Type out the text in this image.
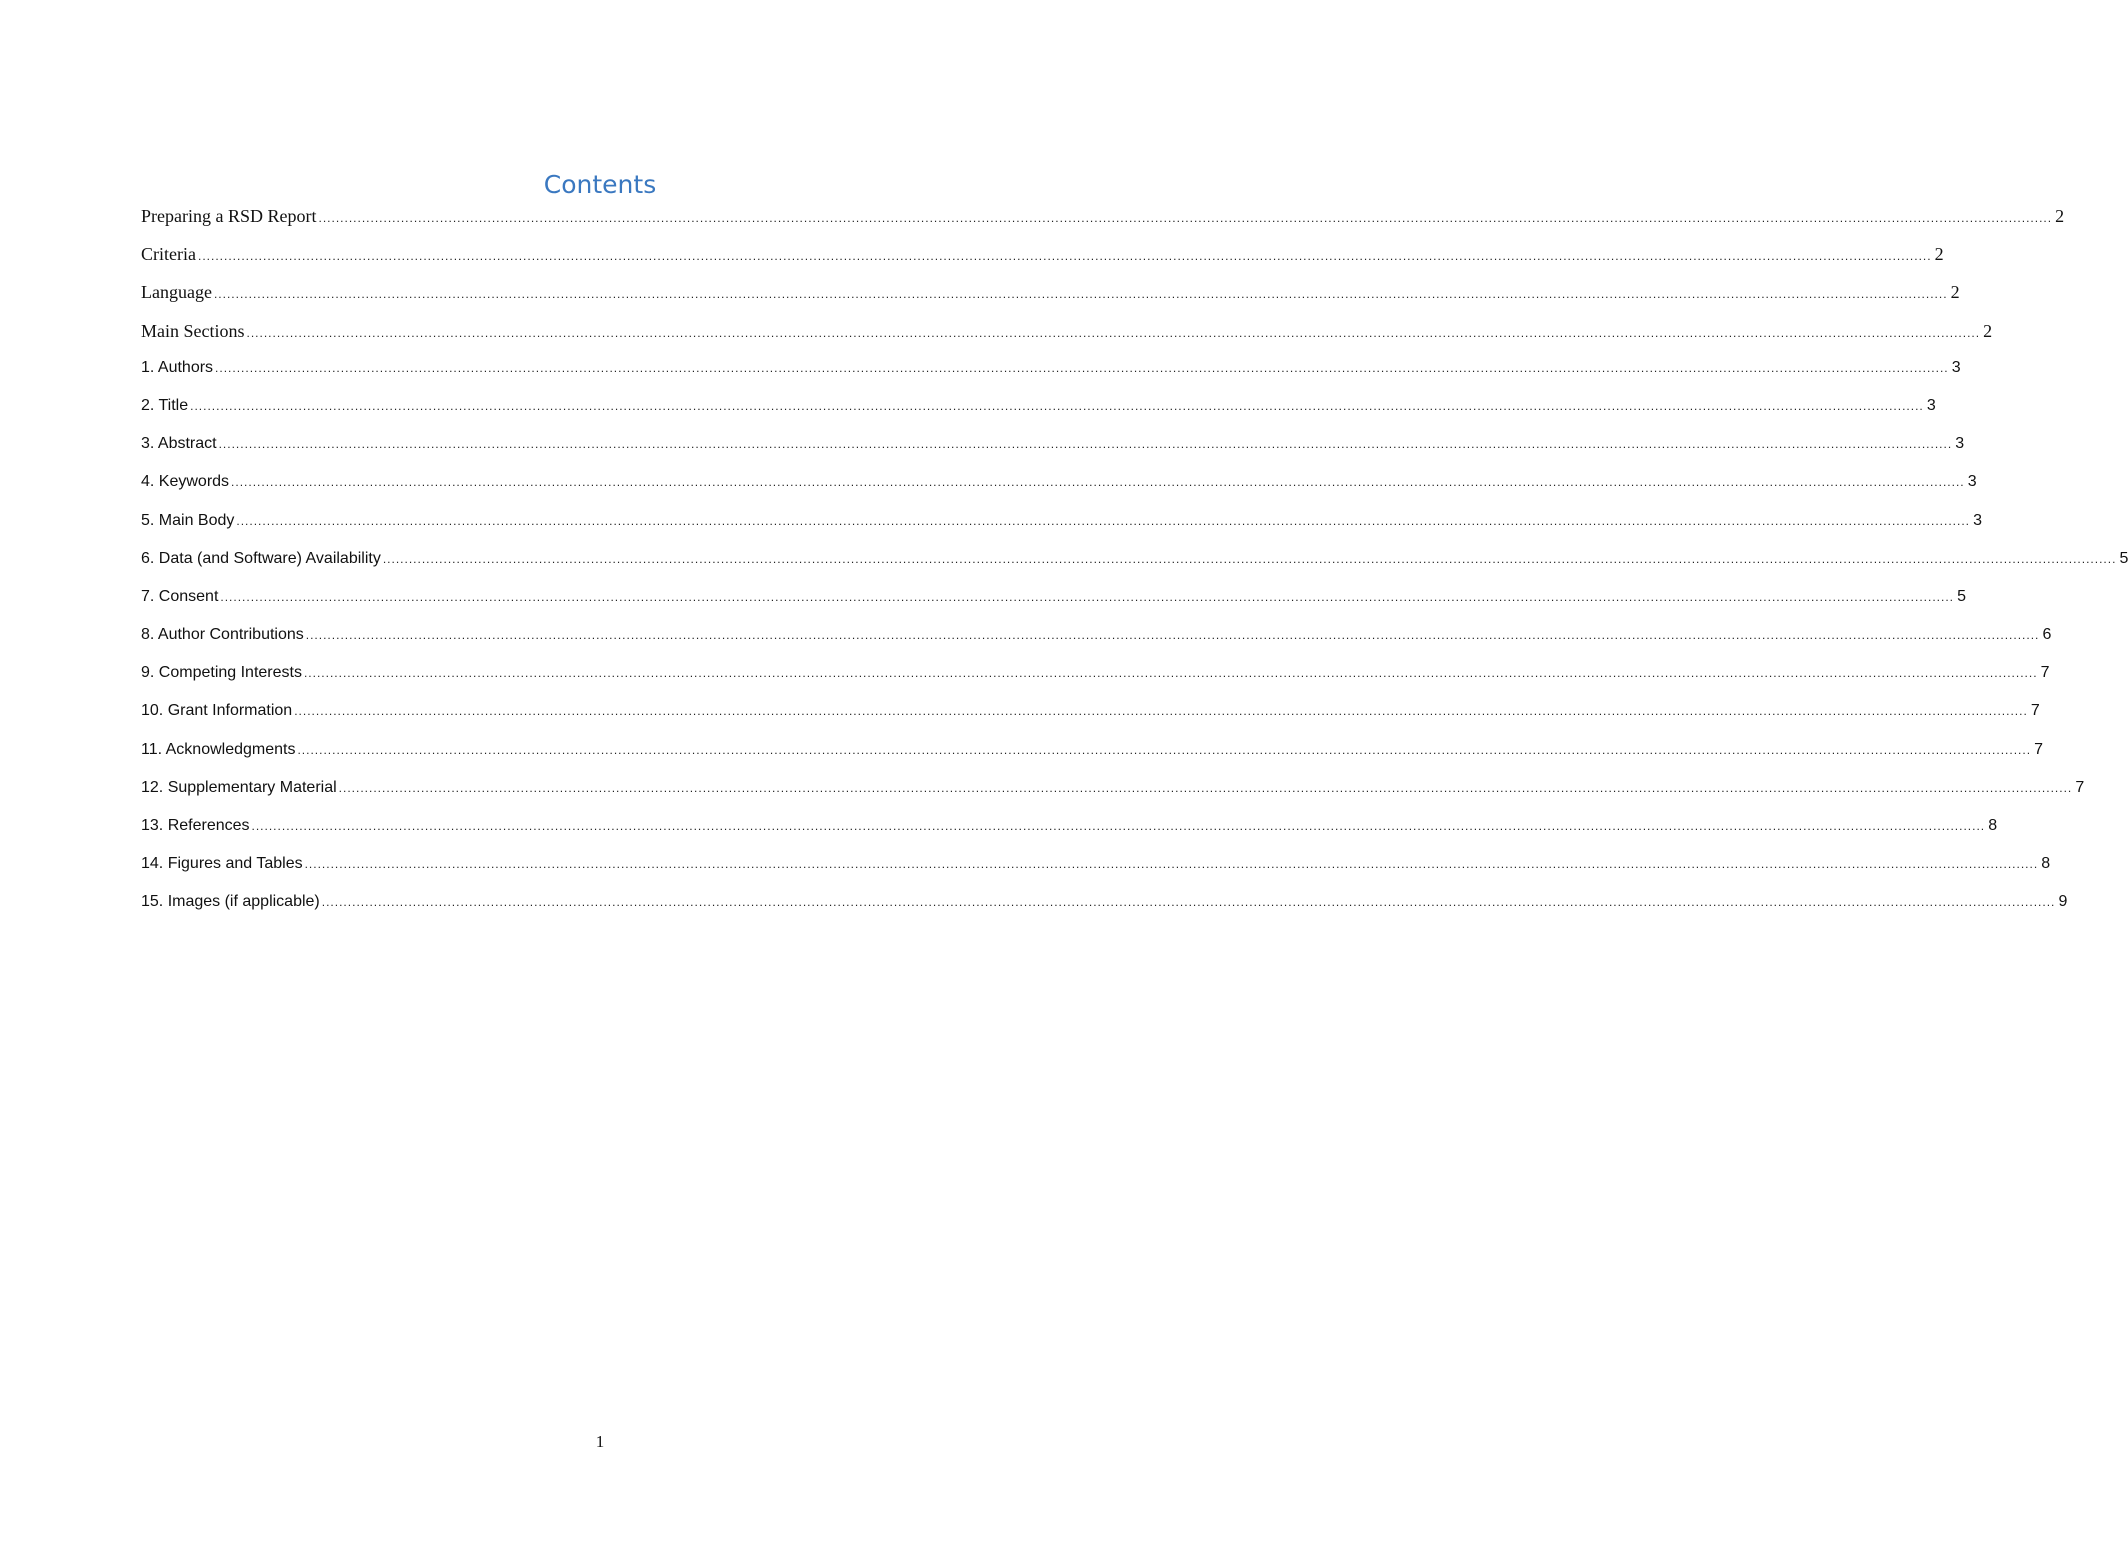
Contents
Preparing a RSD Report ................................................................................................................................................................................................................................................................................................................................................................................................................ 2
Criteria ................................................................................................................................................................................................................................................................................................................................................................................................................ 2
Language ................................................................................................................................................................................................................................................................................................................................................................................................................ 2
Main Sections ................................................................................................................................................................................................................................................................................................................................................................................................................ 2
1. Authors ................................................................................................................................................................................................................................................................................................................................................................................................................ 3
2. Title ................................................................................................................................................................................................................................................................................................................................................................................................................ 3
3. Abstract ................................................................................................................................................................................................................................................................................................................................................................................................................ 3
4. Keywords ................................................................................................................................................................................................................................................................................................................................................................................................................ 3
5. Main Body ................................................................................................................................................................................................................................................................................................................................................................................................................ 3
6. Data (and Software) Availability ................................................................................................................................................................................................................................................................................................................................................................................................................ 5
7. Consent ................................................................................................................................................................................................................................................................................................................................................................................................................ 5
8. Author Contributions ................................................................................................................................................................................................................................................................................................................................................................................................................ 6
9. Competing Interests ................................................................................................................................................................................................................................................................................................................................................................................................................ 7
10. Grant Information ................................................................................................................................................................................................................................................................................................................................................................................................................ 7
11. Acknowledgments ................................................................................................................................................................................................................................................................................................................................................................................................................ 7
12. Supplementary Material ................................................................................................................................................................................................................................................................................................................................................................................................................ 7
13. References ................................................................................................................................................................................................................................................................................................................................................................................................................ 8
14. Figures and Tables ................................................................................................................................................................................................................................................................................................................................................................................................................ 8
15. Images (if applicable) ................................................................................................................................................................................................................................................................................................................................................................................................................ 9
1
